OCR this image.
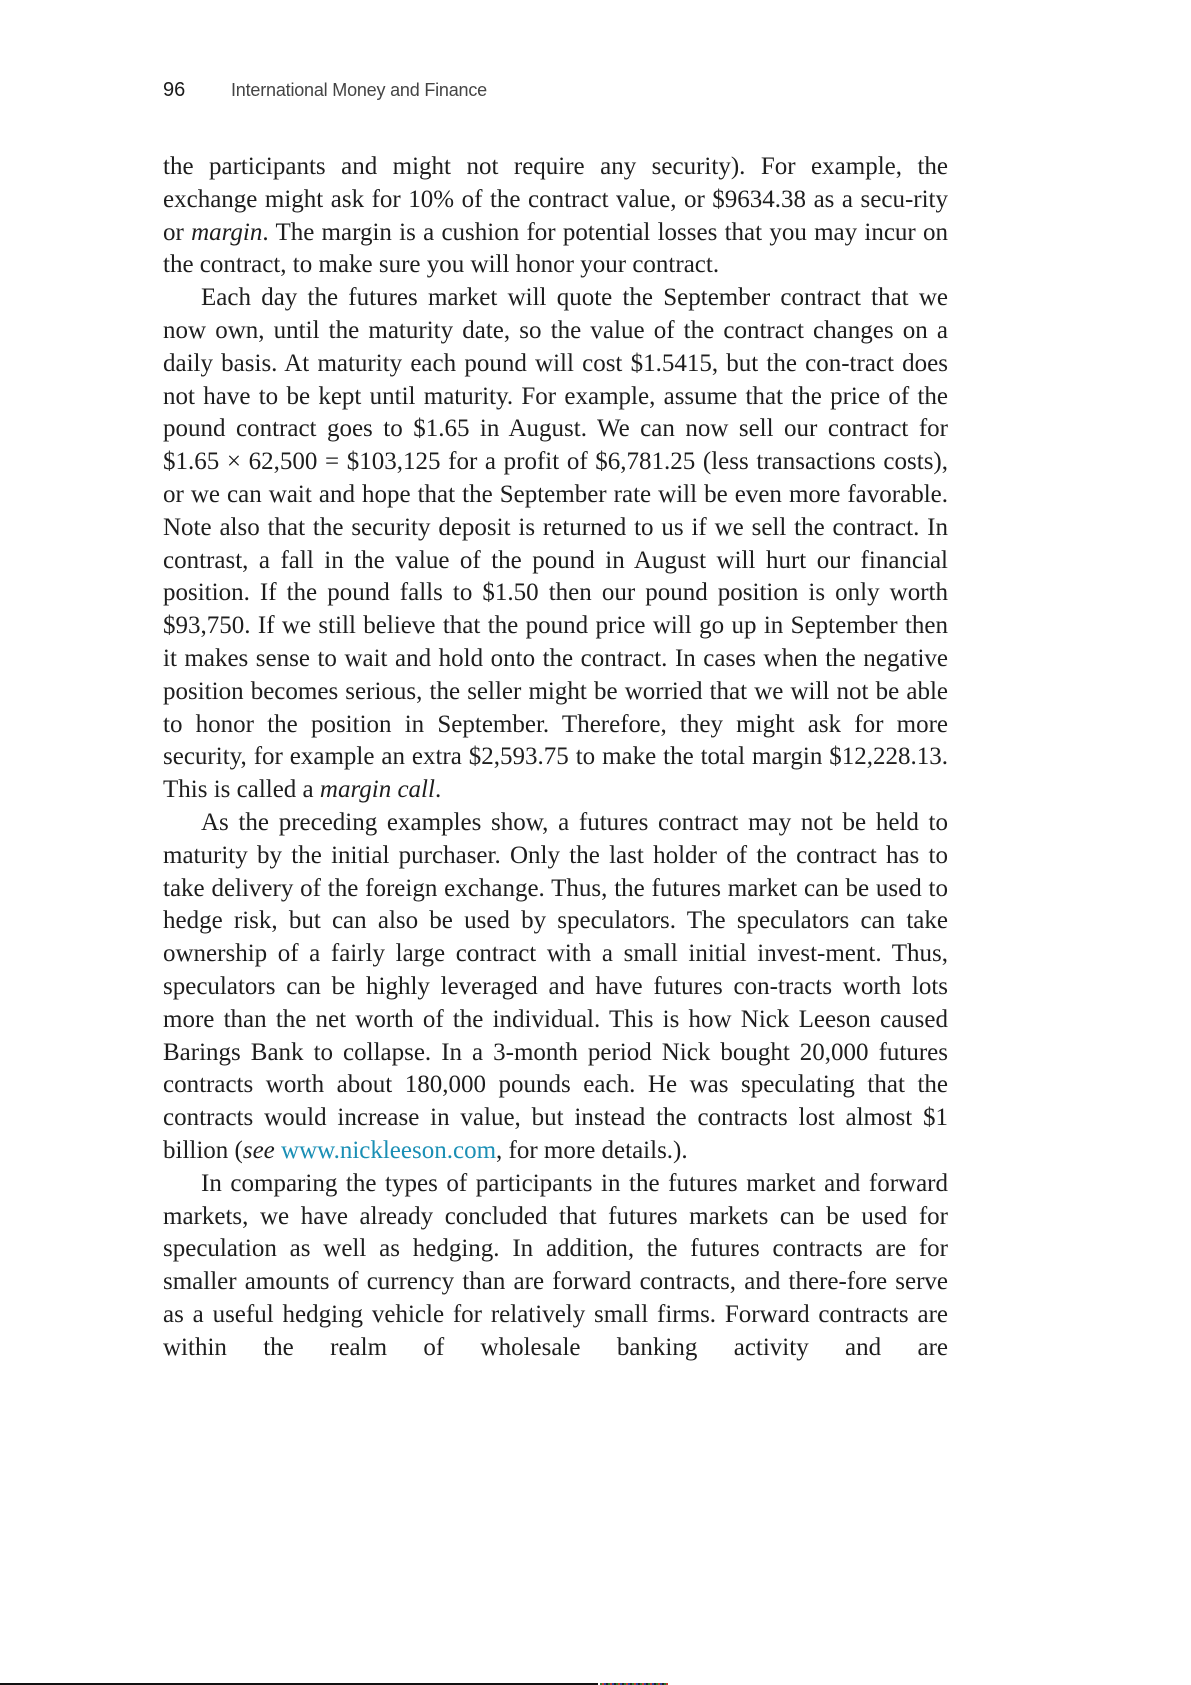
96	International Money and Finance

the participants and might not require any security). For example, the exchange might ask for 10% of the contract value, or $9634.38 as a secu-rity or margin. The margin is a cushion for potential losses that you may incur on the contract, to make sure you will honor your contract.

Each day the futures market will quote the September contract that we now own, until the maturity date, so the value of the contract changes on a daily basis. At maturity each pound will cost $1.5415, but the con-tract does not have to be kept until maturity. For example, assume that the price of the pound contract goes to $1.65 in August. We can now sell our contract for $1.65 × 62,500 = $103,125 for a profit of $6,781.25 (less transactions costs), or we can wait and hope that the September rate will be even more favorable. Note also that the security deposit is returned to us if we sell the contract. In contrast, a fall in the value of the pound in August will hurt our financial position. If the pound falls to $1.50 then our pound position is only worth $93,750. If we still believe that the pound price will go up in September then it makes sense to wait and hold onto the contract. In cases when the negative position becomes serious, the seller might be worried that we will not be able to honor the position in September. Therefore, they might ask for more security, for example an extra $2,593.75 to make the total margin $12,228.13. This is called a margin call.

As the preceding examples show, a futures contract may not be held to maturity by the initial purchaser. Only the last holder of the contract has to take delivery of the foreign exchange. Thus, the futures market can be used to hedge risk, but can also be used by speculators. The speculators can take ownership of a fairly large contract with a small initial invest-ment. Thus, speculators can be highly leveraged and have futures con-tracts worth lots more than the net worth of the individual. This is how Nick Leeson caused Barings Bank to collapse. In a 3-month period Nick bought 20,000 futures contracts worth about 180,000 pounds each. He was speculating that the contracts would increase in value, but instead the contracts lost almost $1 billion (see www.nickleeson.com, for more details.).

In comparing the types of participants in the futures market and forward markets, we have already concluded that futures markets can be used for speculation as well as hedging. In addition, the futures contracts are for smaller amounts of currency than are forward contracts, and there-fore serve as a useful hedging vehicle for relatively small firms. Forward contracts are within the realm of wholesale banking activity and are
